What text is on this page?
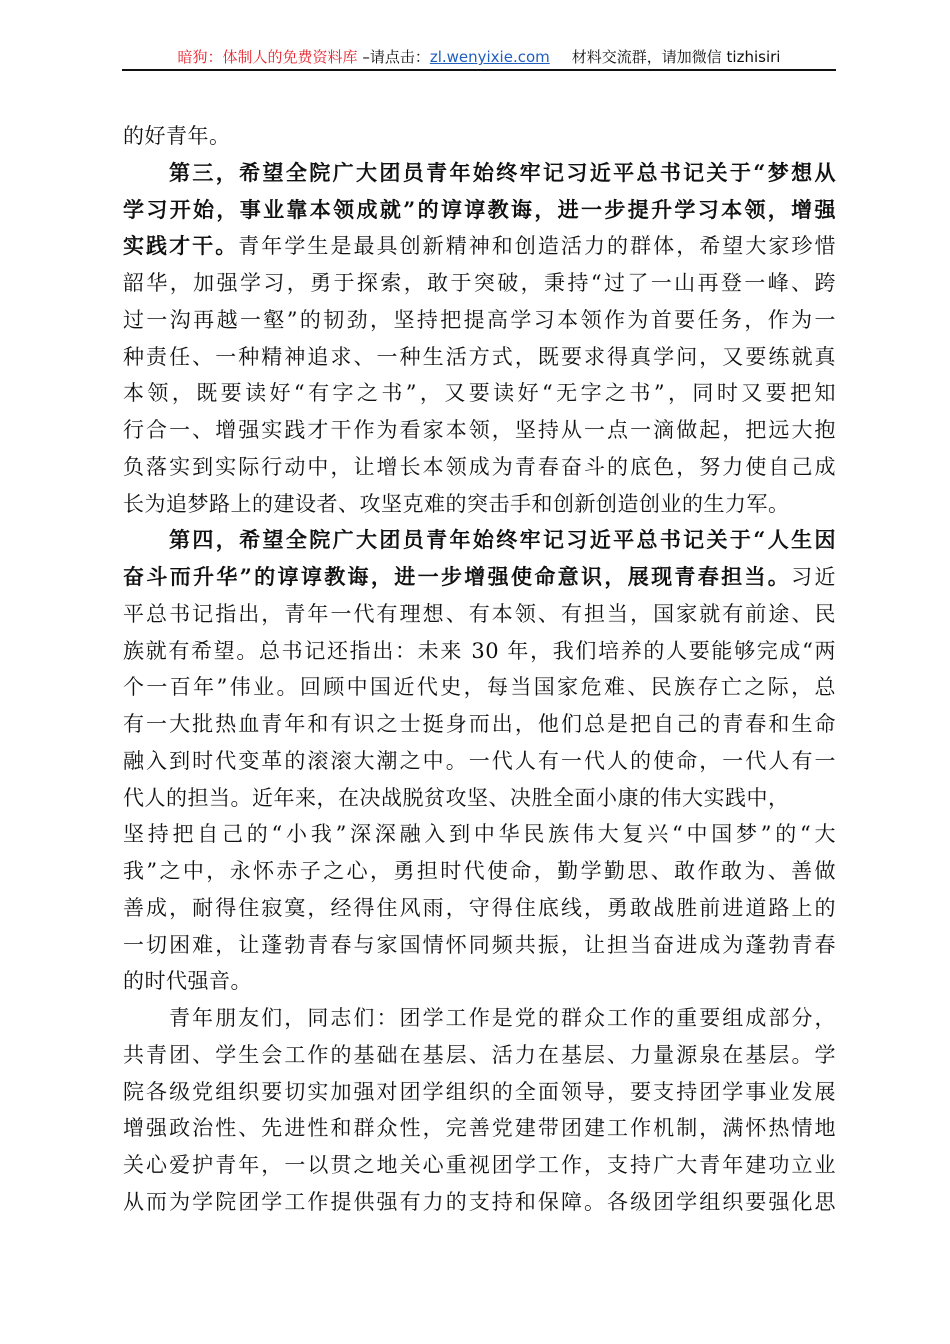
暗狗：体制人的免费资料库 –请点击：zl.wenyixie.com 材料交流群，请加微信 tizhisiri
的好青年。
第三，希望全院广大团员青年始终牢记习近平总书记关于“梦想从
学习开始，事业靠本领成就”的谆谆教诲，进一步提升学习本领，增强
实践才干。青年学生是最具创新精神和创造活力的群体，希望大家珍惜
韶华，加强学习，勇于探索，敢于突破，秉持“过了一山再登一峰、跨
过一沟再越一壑”的韧劲，坚持把提高学习本领作为首要任务，作为一
种责任、一种精神追求、一种生活方式，既要求得真学问，又要练就真
本领，既要读好“有字之书”，又要读好“无字之书”，同时又要把知
行合一、增强实践才干作为看家本领，坚持从一点一滴做起，把远大抱
负落实到实际行动中，让增长本领成为青春奋斗的底色，努力使自己成
长为追梦路上的建设者、攻坚克难的突击手和创新创造创业的生力军。
第四，希望全院广大团员青年始终牢记习近平总书记关于“人生因
奋斗而升华”的谆谆教诲，进一步增强使命意识，展现青春担当。习近
平总书记指出，青年一代有理想、有本领、有担当，国家就有前途、民
族就有希望。总书记还指出：未来 30 年，我们培养的人要能够完成“两
个一百年”伟业。回顾中国近代史，每当国家危难、民族存亡之际，总
有一大批热血青年和有识之士挺身而出，他们总是把自己的青春和生命
融入到时代变革的滚滚大潮之中。一代人有一代人的使命，一代人有一
代人的担当。近年来，在决战脱贫攻坚、决胜全面小康的伟大实践中，
坚持把自己的“小我”深深融入到中华民族伟大复兴“中国梦”的“大
我”之中，永怀赤子之心，勇担时代使命，勤学勤思、敢作敢为、善做
善成，耐得住寂寞，经得住风雨，守得住底线，勇敢战胜前进道路上的
一切困难，让蓬勃青春与家国情怀同频共振，让担当奋进成为蓬勃青春
的时代强音。
青年朋友们，同志们：团学工作是党的群众工作的重要组成部分，
共青团、学生会工作的基础在基层、活力在基层、力量源泉在基层。学
院各级党组织要切实加强对团学组织的全面领导，要支持团学事业发展
增强政治性、先进性和群众性，完善党建带团建工作机制，满怀热情地
关心爱护青年，一以贯之地关心重视团学工作，支持广大青年建功立业
从而为学院团学工作提供强有力的支持和保障。各级团学组织要强化思
